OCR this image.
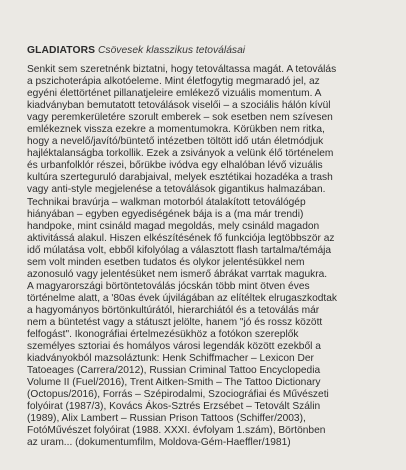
GLADIATORS Csövesek klasszikus tetoválásai
Senkit sem szeretnénk biztatni, hogy tetováltassa magát. A tetoválás
a pszichoterápia alkotóeleme. Mint életfogytig megmaradó jel, az
egyéni élettörténet pillanatjeleire emlékező vizuális momentum. A
kiadványban bemutatott tetoválások viselői – a szociális hálón kívül
vagy peremkerületére szorult emberek – sok esetben nem szívesen
emlékeznek vissza ezekre a momentumokra. Körükben nem ritka,
hogy a nevelő/javító/büntető intézetben töltött idő után életmódjuk
hajléktalanságba torkollik. Ezek a zsiványok a velünk élő történelem
és urbanfolklór részei, bőrükbe ivódva egy elhalóban lévő vizuális
kultúra szerteguruló darabjaival, melyek esztétikai hozadéka a trash
vagy anti-style megjelenése a tetoválások gigantikus halmazában.
Technikai bravúrja – walkman motorból átalakított tetoválógép
hiányában – egyben egyediségének bája is a (ma már trendi)
handpoke, mint csináld magad megoldás, mely csináld magadon
aktivitássá alakul. Hiszen elkészítésének fő funkciója legtöbbször az
idő múlatása volt, ebből kifolyólag a választott flash tartalma/témája
sem volt minden esetben tudatos és olykor jelentésükkel nem
azonosuló vagy jelentésüket nem ismerő ábrákat varrtak magukra.
A magyarországi börtöntetoválás jócskán több mint ötven éves
történelme alatt, a '80as évek újvilágában az elítéltek elrugaszkodtak
a hagyományos börtönkultúrától, hierarchiától és a tetoválás már
nem a büntetést vagy a státuszt jelölte, hanem "jó és rossz között
felfogást". Ikonográfiai értelmezésükhöz a fotókon szereplők
személyes sztoriai és homályos városi legendák között ezekből a
kiadványokból mazsoláztunk: Henk Schiffmacher – Lexicon Der
Tatoeages (Carrera/2012), Russian Criminal Tattoo Encyclopedia
Volume II (Fuel/2016), Trent Aitken-Smith – The Tattoo Dictionary
(Octopus/2016), Forrás – Szépirodalmi, Szociográfiai és Művészeti
folyóirat (1987/3), Kovács Ákos-Sztrés Erzsébet – Tetovált Szálin
(1989), Alix Lambert – Russian Prison Tattoos (Schiffer/2003),
FotóMűvészet folyóirat (1988. XXXI. évfolyam 1.szám), Börtönben
az uram... (dokumentumfilm, Moldova-Gém-Haeffler/1981)
